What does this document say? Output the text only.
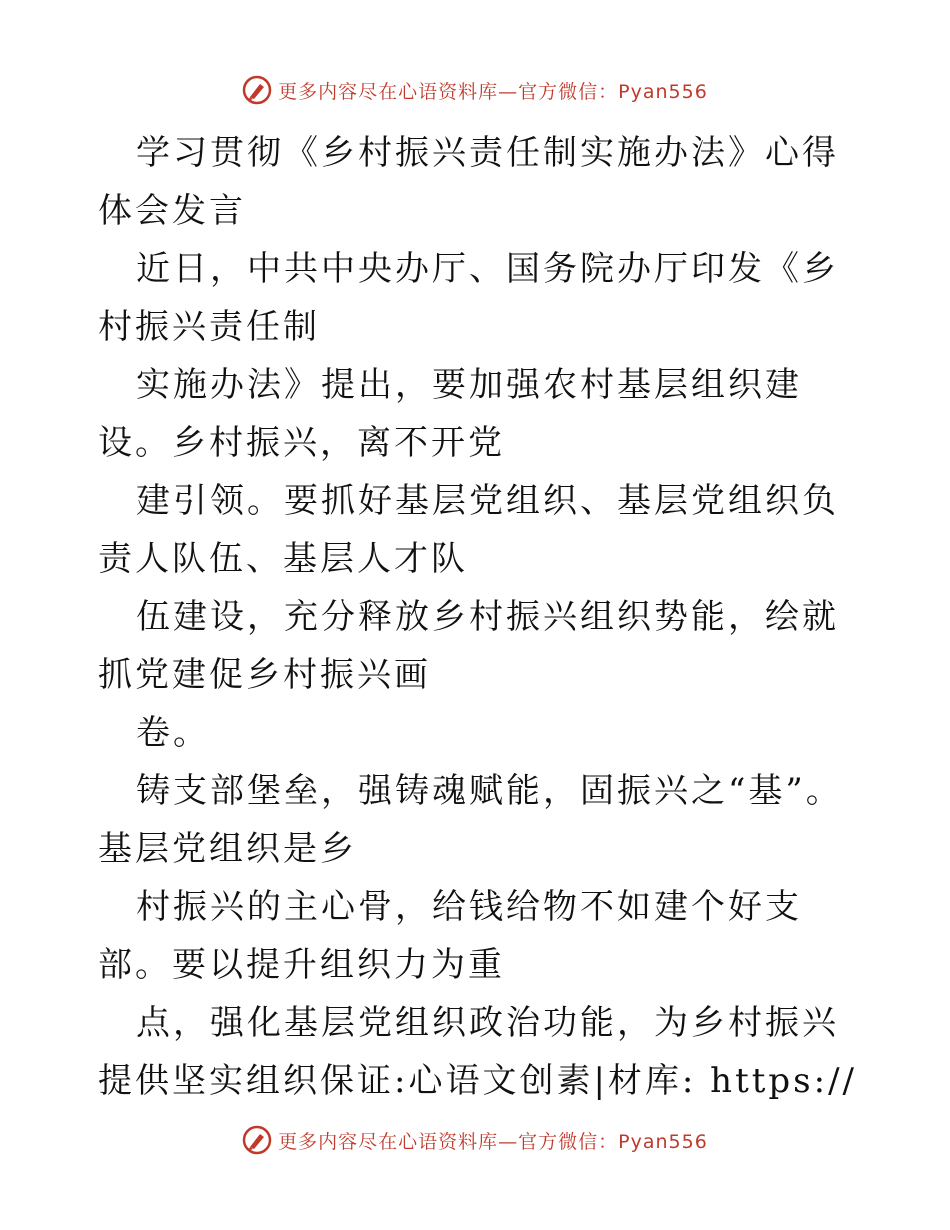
更多内容尽在心语资料库—官方微信：Pyan556

学习贯彻《乡村振兴责任制实施办法》心得体会发言

近日，中共中央办厅、国务院办厅印发《乡村振兴责任制

实施办法》提出，要加强农村基层组织建设。乡村振兴，离不开党

建引领。要抓好基层党组织、基层党组织负责人队伍、基层人才队

伍建设，充分释放乡村振兴组织势能，绘就抓党建促乡村振兴画

卷。

铸支部堡垒，强铸魂赋能，固振兴之“基”。基层党组织是乡

村振兴的主心骨，给钱给物不如建个好支部。要以提升组织力为重

点，强化基层党组织政治功能，为乡村振兴提供坚实组织保证:心语文创素|材库: https://

更多内容尽在心语资料库—官方微信：Pyan556
